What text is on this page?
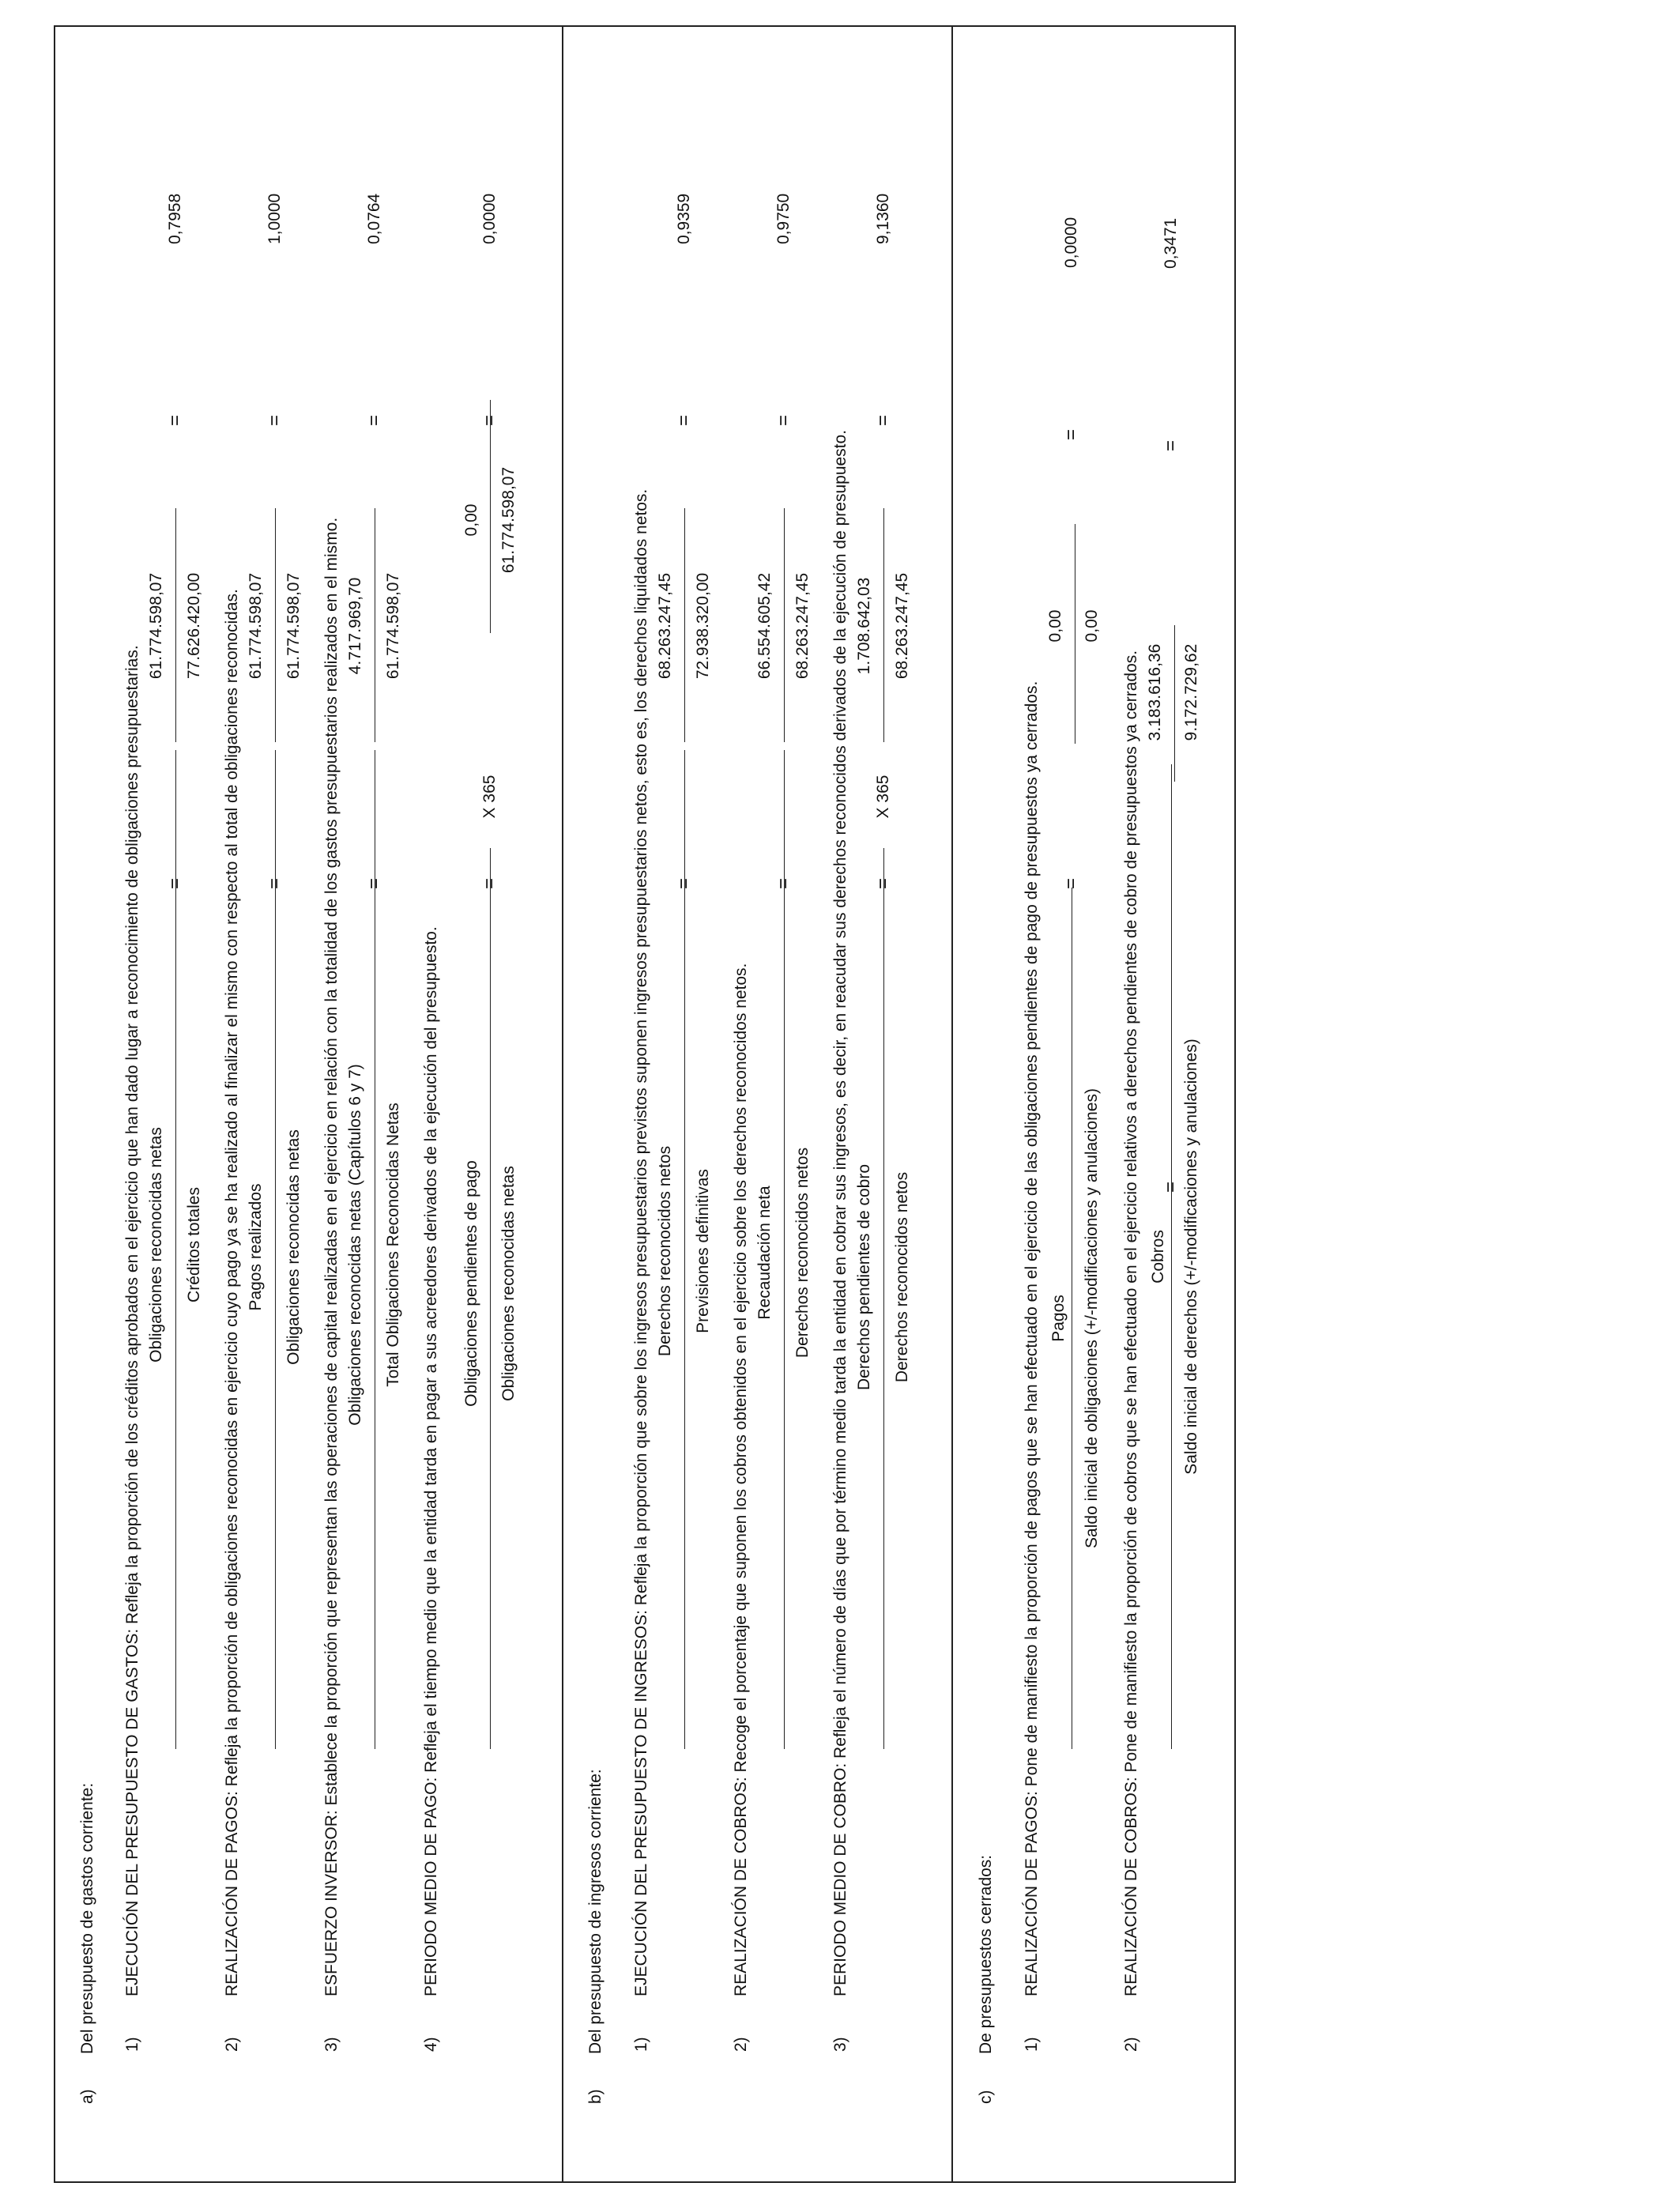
a)
Del presupuesto de gastos corriente: 1)
EJECUCIÓN DEL PRESUPUESTO DE GASTOS: Refleja la proporción de los créditos aprobados en el ejercicio que han dado lugar a reconocimiento de obligaciones presupuestarias. Obligaciones reconocidas netas Créditos totales
=
61.774.598,07 77.626.420,00
=
0,7958
2)
REALIZACIÓN DE PAGOS: Refleja la proporción de obligaciones reconocidas en ejercicio cuyo pago ya se ha realizado al finalizar el mismo con respecto al total de obligaciones reconocidas. Pagos realizados Obligaciones reconocidas netas
=
61.774.598,07 61.774.598,07
=
1,0000
3)
ESFUERZO INVERSOR: Establece la proporción que representan las operaciones de capital realizadas en el ejercicio en relación con la totalidad de los gastos presupuestarios realizados en el mismo. Obligaciones reconocidas netas (Capítulos 6 y 7) Total Obligaciones Reconocidas Netas
=
4.717.969,70 61.774.598,07
=
0,0764
4)
PERIODO MEDIO DE PAGO: Refleja el tiempo medio que la entidad tarda en pagar a sus acreedores derivados de la ejecución del presupuesto. Obligaciones pendientes de pago Obligaciones reconocidas netas
X 365
=
0,00 61.774.598,07
=
0,0000
b)
Del presupuesto de ingresos corriente: 1)
EJECUCIÓN DEL PRESUPUESTO DE INGRESOS: Refleja la proporción que sobre los ingresos presupuestarios previstos suponen ingresos presupuestarios netos, esto es, los derechos liquidados netos. Derechos reconocidos netos Previsiones definitivas
=
68.263.247,45 72.938.320,00
=
0,9359
2)
REALIZACIÓN DE COBROS: Recoge el porcentaje que suponen los cobros obtenidos en el ejercicio sobre los derechos reconocidos netos. Recaudación neta Derechos reconocidos netos
=
66.554.605,42 68.263.247,45
=
0,9750
3)
PERIODO MEDIO DE COBRO: Refleja el número de días que por término medio tarda la entidad en cobrar sus ingresos, es decir, en reacudar sus derechos reconocidos derivados de la ejecución de presupuesto. Derechos pendientes de cobro Derechos reconocidos netos
X 365
=
1.708.642,03 68.263.247,45
=
9,1360
c)
De presupuestos cerrados: 1)
REALIZACIÓN DE PAGOS: Pone de manifiesto la proporción de pagos que se han efectuado en el ejercicio de las obligaciones pendientes de pago de presupuestos ya cerrados. Pagos Saldo inicial de obligaciones (+/-modificaciones y anulaciones)
=
0,00 0,00
=
0,0000
2)
REALIZACIÓN DE COBROS: Pone de manifiesto la proporción de cobros que se han efectuado en el ejercicio relativos a derechos pendientes de cobro de presupuestos ya cerrados. Cobros Saldo inicial de derechos (+/-modificaciones y anulaciones)
=
3.183.616,36 9.172.729,62
=
0,3471
